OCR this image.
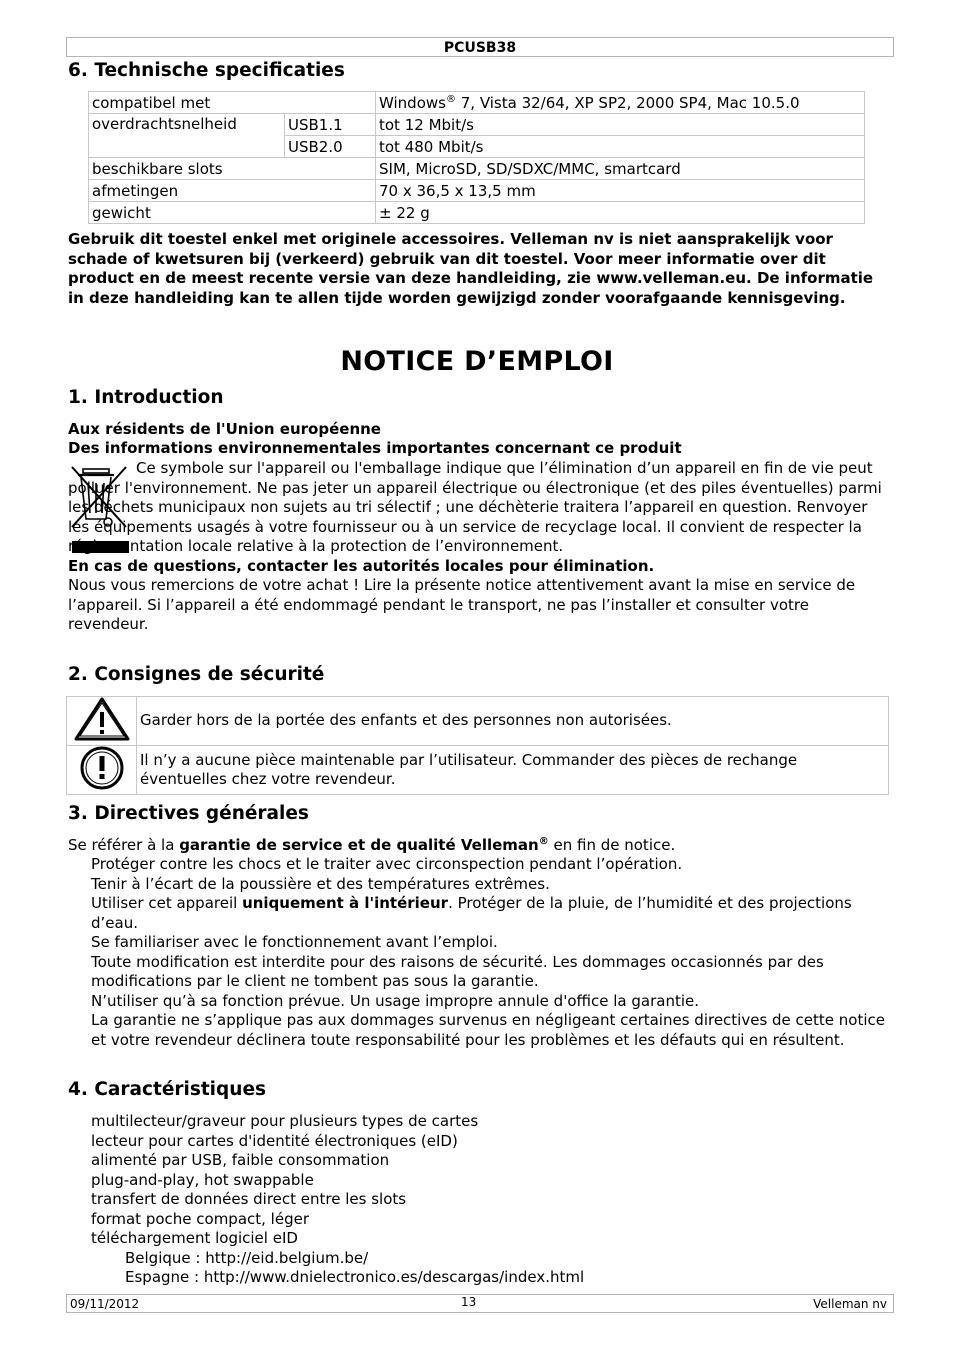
PCUSB38
6. Technische specificaties
compatibel met		Windows® 7, Vista 32/64, XP SP2, 2000 SP4, Mac 10.5.0
overdrachtsnelheid	USB1.1	tot 12 Mbit/s
	USB2.0	tot 480 Mbit/s
beschikbare slots		SIM, MicroSD, SD/SDXC/MMC, smartcard
afmetingen		70 x 36,5 x 13,5 mm
gewicht		± 22 g

Gebruik dit toestel enkel met originele accessoires. Velleman nv is niet aansprakelijk voor schade of kwetsuren bij (verkeerd) gebruik van dit toestel. Voor meer informatie over dit product en de meest recente versie van deze handleiding, zie www.velleman.eu. De informatie in deze handleiding kan te allen tijde worden gewijzigd zonder voorafgaande kennisgeving.

NOTICE D’EMPLOI
1. Introduction

Aux résidents de l'Union européenne

Des informations environnementales importantes concernant ce produit

Ce symbole sur l'appareil ou l'emballage indique que l’élimination d’un appareil en fin de vie peut polluer l'environnement. Ne pas jeter un appareil électrique ou électronique (et des piles éventuelles) parmi les déchets municipaux non sujets au tri sélectif ; une déchèterie traitera l’appareil en question. Renvoyer les équipements usagés à votre fournisseur ou à un service de recyclage local. Il convient de respecter la réglementation locale relative à la protection de l’environnement.

En cas de questions, contacter les autorités locales pour élimination.

Nous vous remercions de votre achat ! Lire la présente notice attentivement avant la mise en service de l’appareil. Si l’appareil a été endommagé pendant le transport, ne pas l’installer et consulter votre revendeur.

2. Consignes de sécurité
	Garder hors de la portée des enfants et des personnes non autorisées.
	Il n’y a aucune pièce maintenable par l’utilisateur. Commander des pièces de rechange éventuelles chez votre revendeur.
3. Directives générales

Se référer à la garantie de service et de qualité Velleman® en fin de notice.

Protéger contre les chocs et le traiter avec circonspection pendant l’opération.
Tenir à l’écart de la poussière et des températures extrêmes.
Utiliser cet appareil uniquement à l'intérieur. Protéger de la pluie, de l’humidité et des projections d’eau.
Se familiariser avec le fonctionnement avant l’emploi.
Toute modification est interdite pour des raisons de sécurité. Les dommages occasionnés par des modifications par le client ne tombent pas sous la garantie.
N’utiliser qu’à sa fonction prévue. Un usage impropre annule d'office la garantie.
La garantie ne s’applique pas aux dommages survenus en négligeant certaines directives de cette notice et votre revendeur déclinera toute responsabilité pour les problèmes et les défauts qui en résultent.
4. Caractéristiques
multilecteur/graveur pour plusieurs types de cartes
lecteur pour cartes d'identité électroniques (eID)
alimenté par USB, faible consommation
plug-and-play, hot swappable
transfert de données direct entre les slots
format poche compact, léger
téléchargement logiciel eID
Belgique : http://eid.belgium.be/
Espagne : http://www.dnielectronico.es/descargas/index.html
09/11/2012	13	Velleman nv
